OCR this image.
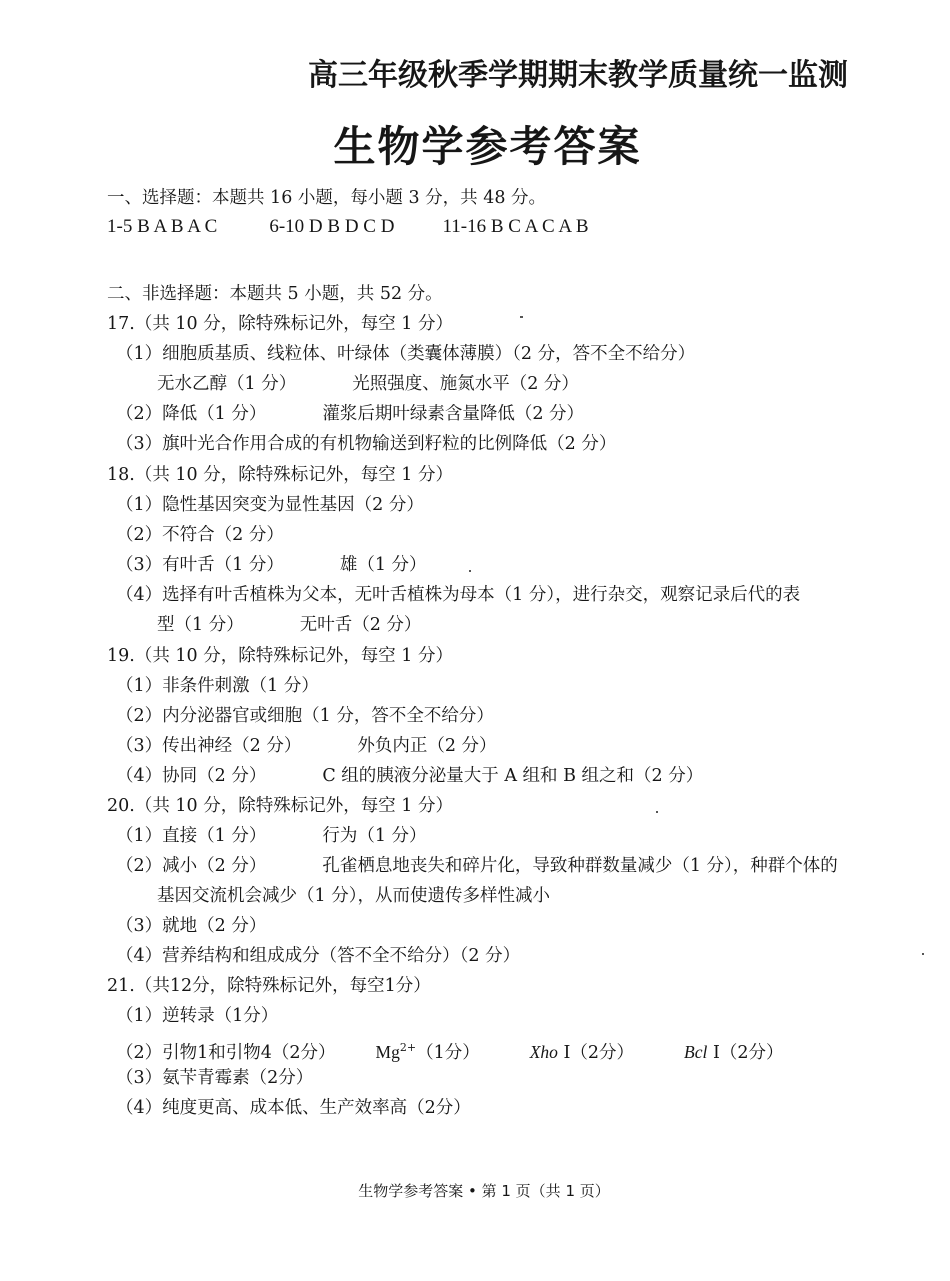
高三年级秋季学期期末教学质量统一监测
生物学参考答案
一、选择题：本题共 16 小题，每小题 3 分，共 48 分。
1-5 B A B A C	6-10 D B D C D	11-16 B C A C A B
二、非选择题：本题共 5 小题，共 52 分。
17.（共 10 分，除特殊标记外，每空 1 分）
（1）细胞质基质、线粒体、叶绿体（类囊体薄膜）（2 分，答不全不给分）
无水乙醇（1 分）	光照强度、施氮水平（2 分）
（2）降低（1 分）	灌浆后期叶绿素含量降低（2 分）
（3）旗叶光合作用合成的有机物输送到籽粒的比例降低（2 分）
18.（共 10 分，除特殊标记外，每空 1 分）
（1）隐性基因突变为显性基因（2 分）
（2）不符合（2 分）
（3）有叶舌（1 分）	雄（1 分）
（4）选择有叶舌植株为父本，无叶舌植株为母本（1 分），进行杂交，观察记录后代的表
型（1 分）	无叶舌（2 分）
19.（共 10 分，除特殊标记外，每空 1 分）
（1）非条件刺激（1 分）
（2）内分泌器官或细胞（1 分，答不全不给分）
（3）传出神经（2 分）	外负内正（2 分）
（4）协同（2 分）	C 组的胰液分泌量大于 A 组和 B 组之和（2 分）
20.（共 10 分，除特殊标记外，每空 1 分）
（1）直接（1 分）	行为（1 分）
（2）减小（2 分）	孔雀栖息地丧失和碎片化，导致种群数量减少（1 分），种群个体的
基因交流机会减少（1 分），从而使遗传多样性减小
（3）就地（2 分）
（4）营养结构和组成成分（答不全不给分）（2 分）
21.（共12分，除特殊标记外，每空1分）
（1）逆转录（1分）
（2）引物1和引物4（2分） $Mg^{2+}(1$分）	Xho Ⅰ（2分）	Bcl Ⅰ（2分）
（3）氨苄青霉素（2分）
（4）纯度更高、成本低、生产效率高（2分）
生物学参考答案 • 第 1 页（共 1 页）
